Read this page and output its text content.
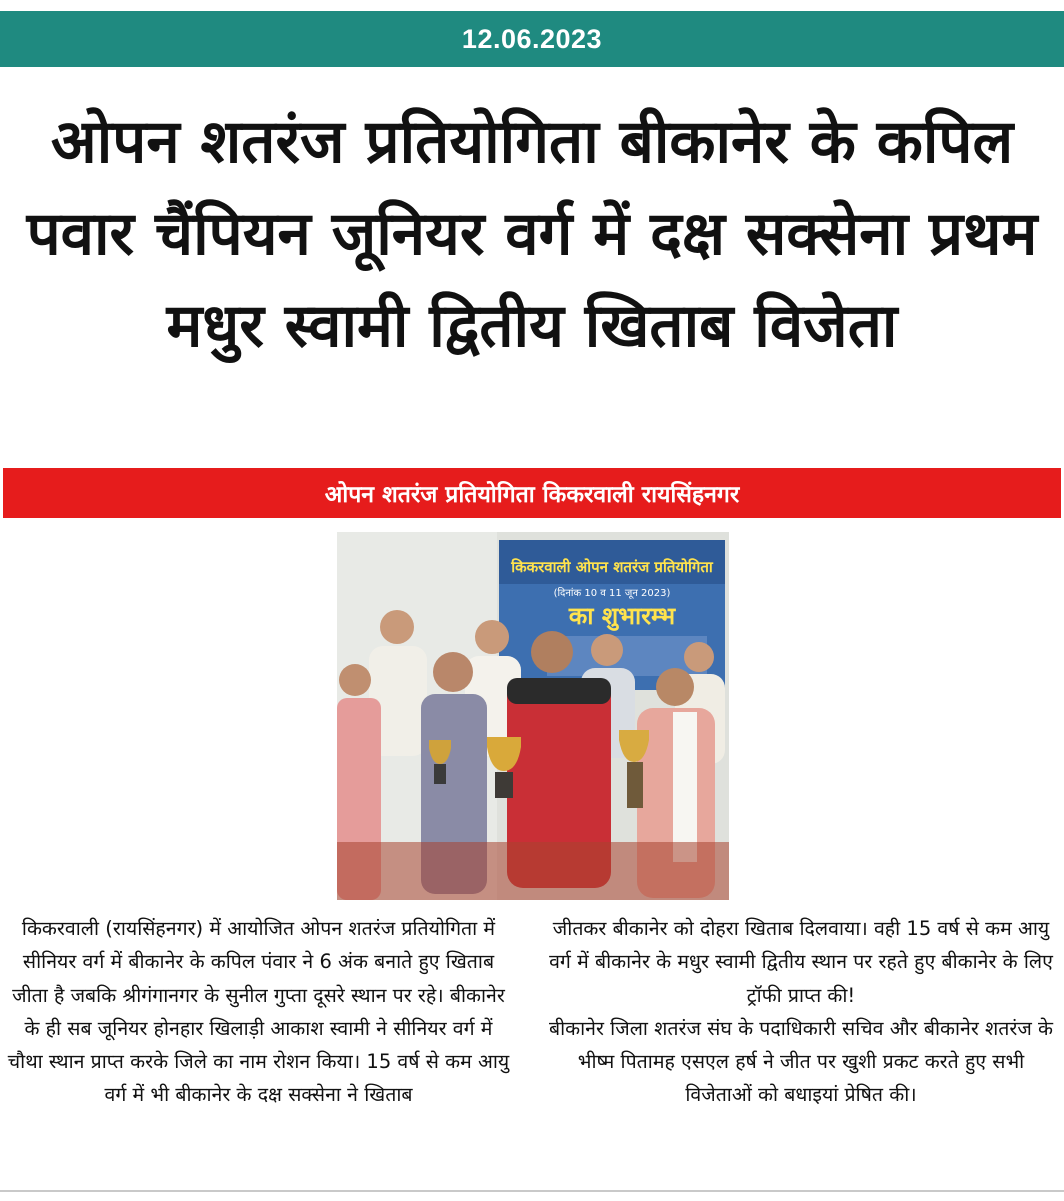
12.06.2023
ओपन शतरंज प्रतियोगिता बीकानेर के कपिल पवार चैंपियन जूनियर वर्ग में दक्ष सक्सेना प्रथम मधुर स्वामी द्वितीय खिताब विजेता
ओपन शतरंज प्रतियोगिता किकरवाली रायसिंहनगर
किकरवाली ओपन शतरंज प्रतियोगिता
(दिनांक 10 व 11 जून 2023)
का शुभारम्भ

किकरवाली (रायसिंहनगर) में आयोजित ओपन शतरंज प्रतियोगिता में सीनियर वर्ग में बीकानेर के कपिल पंवार ने 6 अंक बनाते हुए खिताब जीता है जबकि श्रीगंगानगर के सुनील गुप्ता दूसरे स्थान पर रहे। बीकानेर के ही सब जूनियर होनहार खिलाड़ी आकाश स्वामी ने सीनियर वर्ग में चौथा स्थान प्राप्त करके जिले का नाम रोशन किया। 15 वर्ष से कम आयु वर्ग में भी बीकानेर के दक्ष सक्सेना ने खिताब

जीतकर बीकानेर को दोहरा खिताब दिलवाया। वही 15 वर्ष से कम आयु वर्ग में बीकानेर के मधुर स्वामी द्वितीय स्थान पर रहते हुए बीकानेर के लिए ट्रॉफी प्राप्त की!

बीकानेर जिला शतरंज संघ के पदाधिकारी सचिव और बीकानेर शतरंज के भीष्म पितामह एसएल हर्ष ने जीत पर खुशी प्रकट करते हुए सभी विजेताओं को बधाइयां प्रेषित की।
